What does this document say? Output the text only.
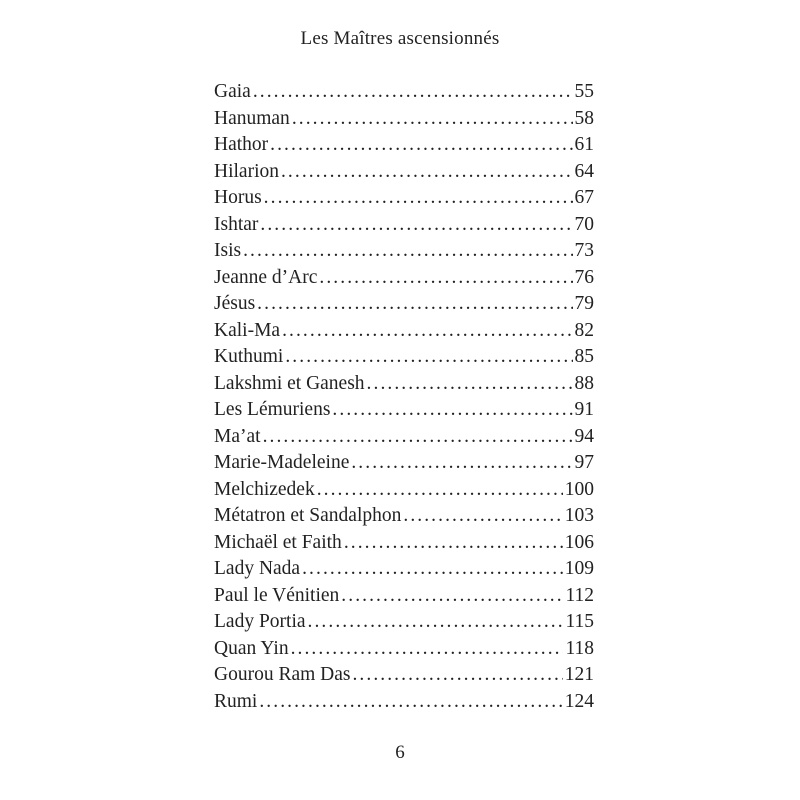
Les Maîtres ascensionnés
Gaia . . .	55
Hanuman . . .	58
Hathor . . .	61
Hilarion . . .	64
Horus . . .	67
Ishtar . . .	70
Isis . . .	73
Jeanne d’Arc . . .	76
Jésus . . .	79
Kali-Ma . . .	82
Kuthumi . . .	85
Lakshmi et Ganesh . . .	88
Les Lémuriens . . .	91
Ma’at . . .	94
Marie-Madeleine . . .	97
Melchizedek . . .	100
Métatron et Sandalphon . . .	103
Michaël et Faith . . .	106
Lady Nada . . .	109
Paul le Vénitien . . .	112
Lady Portia . . .	115
Quan Yin . . .	118
Gourou Ram Das . . .	121
Rumi . . .	124
6
